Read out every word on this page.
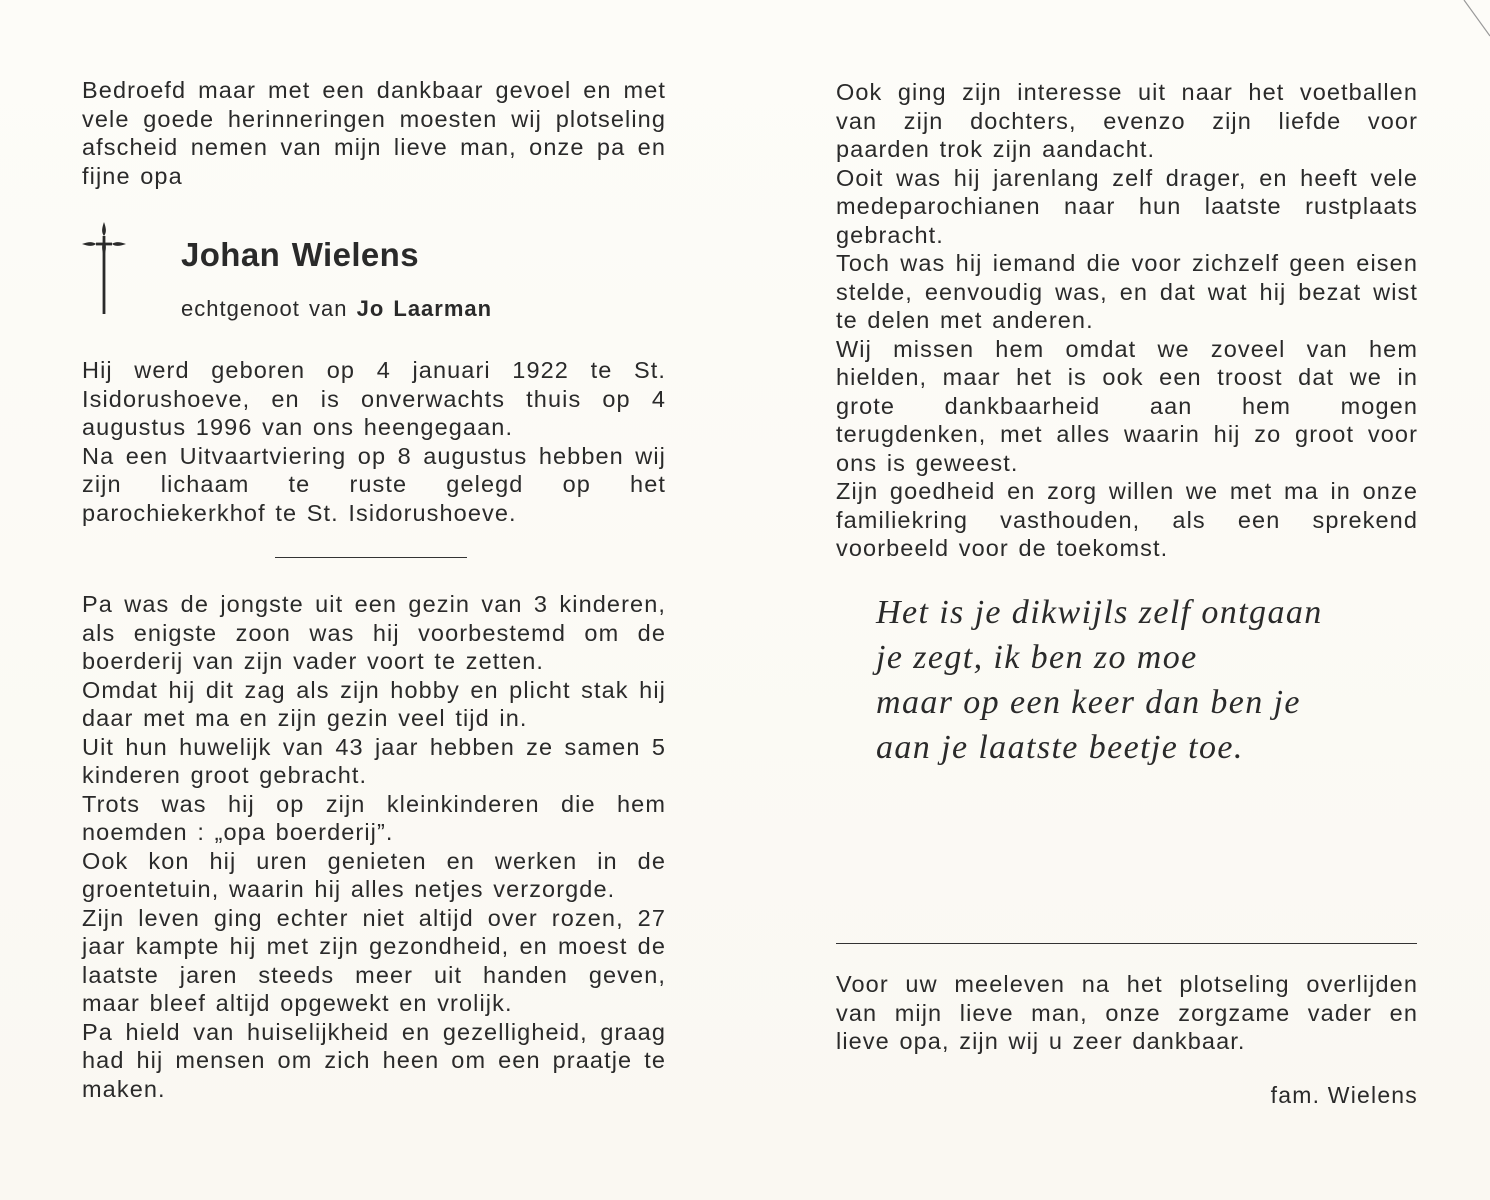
Bedroefd maar met een dankbaar gevoel en met vele goede herinneringen moesten wij plotseling afscheid nemen van mijn lieve man, onze pa en fijne opa

Johan Wielens
echtgenoot van Jo Laarman

Hij werd geboren op 4 januari 1922 te St. Isidorushoeve, en is onverwachts thuis op 4 augustus 1996 van ons heengegaan.

Na een Uitvaartviering op 8 augustus hebben wij zijn lichaam te ruste gelegd op het parochiekerkhof te St. Isidorushoeve.

Pa was de jongste uit een gezin van 3 kinderen, als enigste zoon was hij voorbestemd om de boerderij van zijn vader voort te zetten.

Omdat hij dit zag als zijn hobby en plicht stak hij daar met ma en zijn gezin veel tijd in.

Uit hun huwelijk van 43 jaar hebben ze samen 5 kinderen groot gebracht.

Trots was hij op zijn kleinkinderen die hem noemden : „opa boerderij”.

Ook kon hij uren genieten en werken in de groentetuin, waarin hij alles netjes verzorgde.

Zijn leven ging echter niet altijd over rozen, 27 jaar kampte hij met zijn gezondheid, en moest de laatste jaren steeds meer uit handen geven, maar bleef altijd opgewekt en vrolijk.

Pa hield van huiselijkheid en gezelligheid, graag had hij mensen om zich heen om een praatje te maken.

Ook ging zijn interesse uit naar het voetballen van zijn dochters, evenzo zijn liefde voor paarden trok zijn aandacht.

Ooit was hij jarenlang zelf drager, en heeft vele medeparochianen naar hun laatste rustplaats gebracht.

Toch was hij iemand die voor zichzelf geen eisen stelde, eenvoudig was, en dat wat hij bezat wist te delen met anderen.

Wij missen hem omdat we zoveel van hem hielden, maar het is ook een troost dat we in grote dankbaarheid aan hem mogen terugdenken, met alles waarin hij zo groot voor ons is geweest.

Zijn goedheid en zorg willen we met ma in onze familiekring vasthouden, als een sprekend voorbeeld voor de toekomst.

Het is je dikwijls zelf ontgaan
je zegt, ik ben zo moe
maar op een keer dan ben je
aan je laatste beetje toe.

Voor uw meeleven na het plotseling overlijden van mijn lieve man, onze zorgzame vader en lieve opa, zijn wij u zeer dankbaar.

fam. Wielens
